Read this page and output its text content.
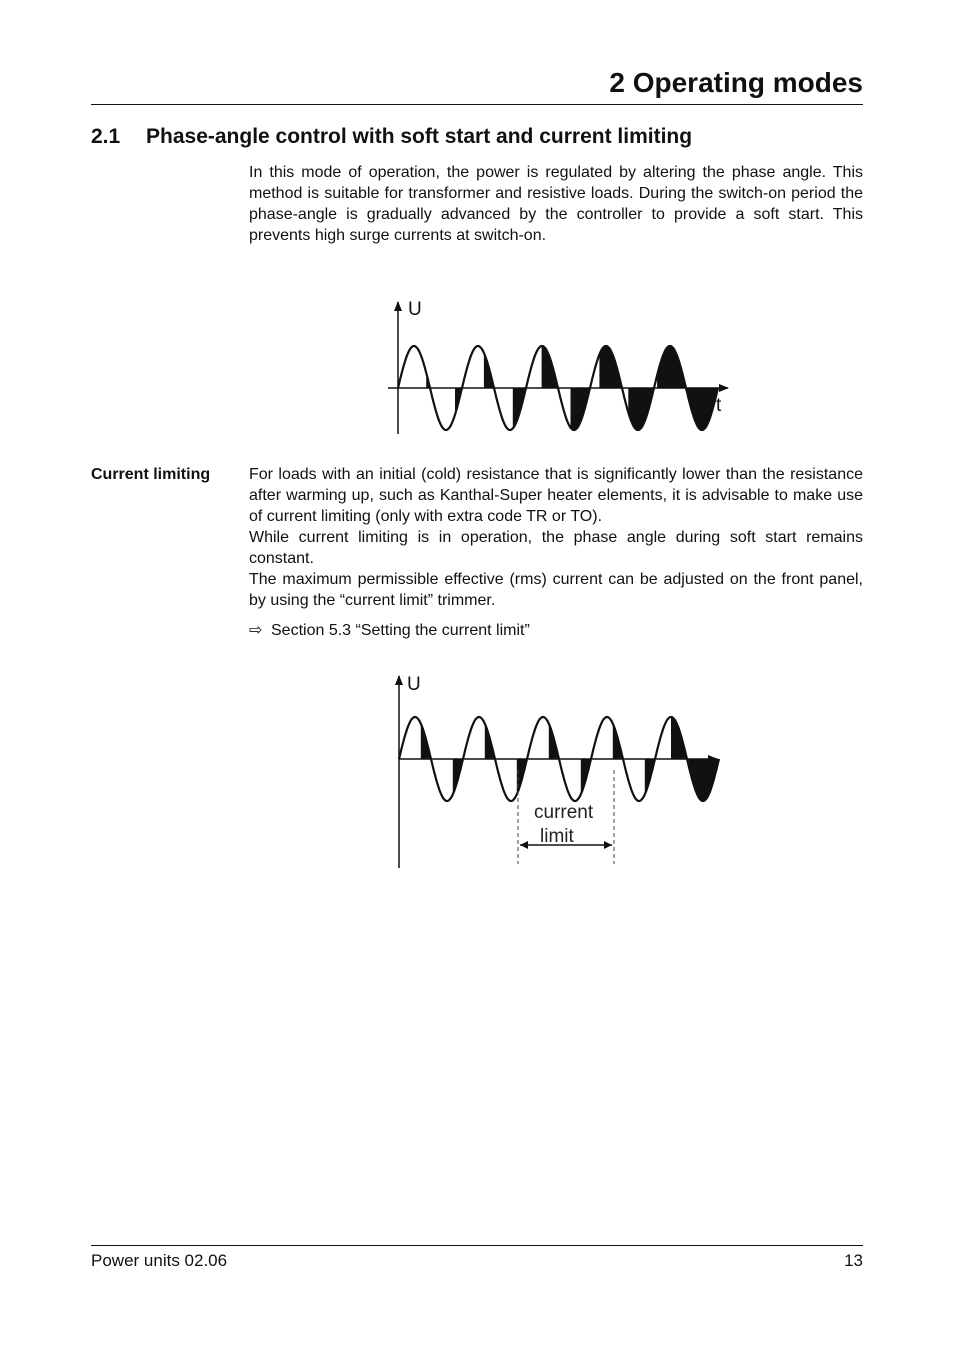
2 Operating modes
2.1 Phase-angle control with soft start and current limiting
In this mode of operation, the power is regulated by altering the phase angle. This method is suitable for transformer and resistive loads. During the switch-on period the phase-angle is gradually advanced by the controller to provide a soft start. This prevents high surge currents at switch-on.
U
t
Current limiting For loads with an initial (cold) resistance that is significantly lower than the resistance after warming up, such as Kanthal-Super heater elements, it is advisable to make use of current limiting (only with extra code TR or TO).
While current limiting is in operation, the phase angle during soft start remains constant.
The maximum permissible effective (rms) current can be adjusted on the front panel, by using the “current limit” trimmer.
⇨ Section 5.3 “Setting the current limit”
U
t
current
limit
Power units 02.06	13
